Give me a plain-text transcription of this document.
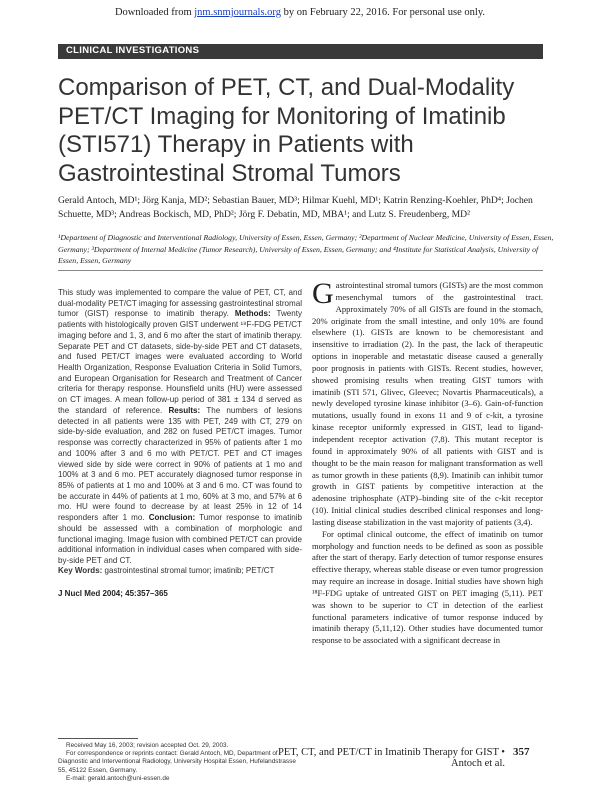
Downloaded from jnm.snmjournals.org by on February 22, 2016. For personal use only.
CLINICAL INVESTIGATIONS
Comparison of PET, CT, and Dual-Modality PET/CT Imaging for Monitoring of Imatinib (STI571) Therapy in Patients with Gastrointestinal Stromal Tumors
Gerald Antoch, MD¹; Jörg Kanja, MD²; Sebastian Bauer, MD³; Hilmar Kuehl, MD¹; Katrin Renzing-Koehler, PhD⁴; Jochen Schuette, MD³; Andreas Bockisch, MD, PhD²; Jörg F. Debatin, MD, MBA¹; and Lutz S. Freudenberg, MD²
¹Department of Diagnostic and Interventional Radiology, University of Essen, Essen, Germany; ²Department of Nuclear Medicine, University of Essen, Essen, Germany; ³Department of Internal Medicine (Tumor Research), University of Essen, Essen, Germany; and ⁴Institute for Statistical Analysis, University of Essen, Essen, Germany
This study was implemented to compare the value of PET, CT, and dual-modality PET/CT imaging for assessing gastrointestinal stromal tumor (GIST) response to imatinib therapy. Methods: Twenty patients with histologically proven GIST underwent ¹⁸F-FDG PET/CT imaging before and 1, 3, and 6 mo after the start of imatinib therapy. Separate PET and CT datasets, side-by-side PET and CT datasets, and fused PET/CT images were evaluated according to World Health Organization, Response Evaluation Criteria in Solid Tumors, and European Organisation for Research and Treatment of Cancer criteria for therapy response. Hounsfield units (HU) were assessed on CT images. A mean follow-up period of 381 ± 134 d served as the standard of reference. Results: The numbers of lesions detected in all patients were 135 with PET, 249 with CT, 279 on side-by-side evaluation, and 282 on fused PET/CT images. Tumor response was correctly characterized in 95% of patients after 1 mo and 100% after 3 and 6 mo with PET/CT. PET and CT images viewed side by side were correct in 90% of patients at 1 mo and 100% at 3 and 6 mo. PET accurately diagnosed tumor response in 85% of patients at 1 mo and 100% at 3 and 6 mo. CT was found to be accurate in 44% of patients at 1 mo, 60% at 3 mo, and 57% at 6 mo. HU were found to decrease by at least 25% in 12 of 14 responders after 1 mo. Conclusion: Tumor response to imatinib should be assessed with a combination of morphologic and functional imaging. Image fusion with combined PET/CT can provide additional information in individual cases when compared with side-by-side PET and CT.
Key Words: gastrointestinal stromal tumor; imatinib; PET/CT
J Nucl Med 2004; 45:357–365

Received May 16, 2003; revision accepted Oct. 29, 2003.

For correspondence or reprints contact: Gerald Antoch, MD, Department of Diagnostic and Interventional Radiology, University Hospital Essen, Hufelandstrasse 55, 45122 Essen, Germany.

E-mail: gerald.antoch@uni-essen.de

Gastrointestinal stromal tumors (GISTs) are the most common mesenchymal tumors of the gastrointestinal tract. Approximately 70% of all GISTs are found in the stomach, 20% originate from the small intestine, and only 10% are found elsewhere (1). GISTs are known to be chemoresistant and insensitive to irradiation (2). In the past, the lack of therapeutic options in inoperable and metastatic disease caused a generally poor prognosis in patients with GISTs. Recent studies, however, showed promising results when treating GIST tumors with imatinib (STI 571, Glivec, Gleevec; Novartis Pharmaceuticals), a newly developed tyrosine kinase inhibitor (3–6). Gain-of-function mutations, usually found in exons 11 and 9 of c-kit, a tyrosine kinase receptor uniformly expressed in GIST, lead to ligand-independent receptor activation (7,8). This mutant receptor is found in approximately 90% of all patients with GIST and is thought to be the main reason for malignant transformation as well as tumor growth in these patients (8,9). Imatinib can inhibit tumor growth in GIST patients by competitive interaction at the adenosine triphosphate (ATP)–binding site of the c-kit receptor (10). Initial clinical studies described clinical responses and long-lasting disease stabilization in the vast majority of patients (3,4).

For optimal clinical outcome, the effect of imatinib on tumor morphology and function needs to be defined as soon as possible after the start of therapy. Early detection of tumor response ensures effective therapy, whereas stable disease or even tumor progression may require an increase in dosage. Initial studies have shown high ¹⁸F-FDG uptake of untreated GIST on PET imaging (5,11). PET was shown to be superior to CT in detection of the earliest functional parameters indicative of tumor response induced by imatinib therapy (5,11,12). Other studies have documented tumor response to be associated with a significant decrease in

PET, CT, and PET/CT in Imatinib Therapy for GIST • Antoch et al.
357
